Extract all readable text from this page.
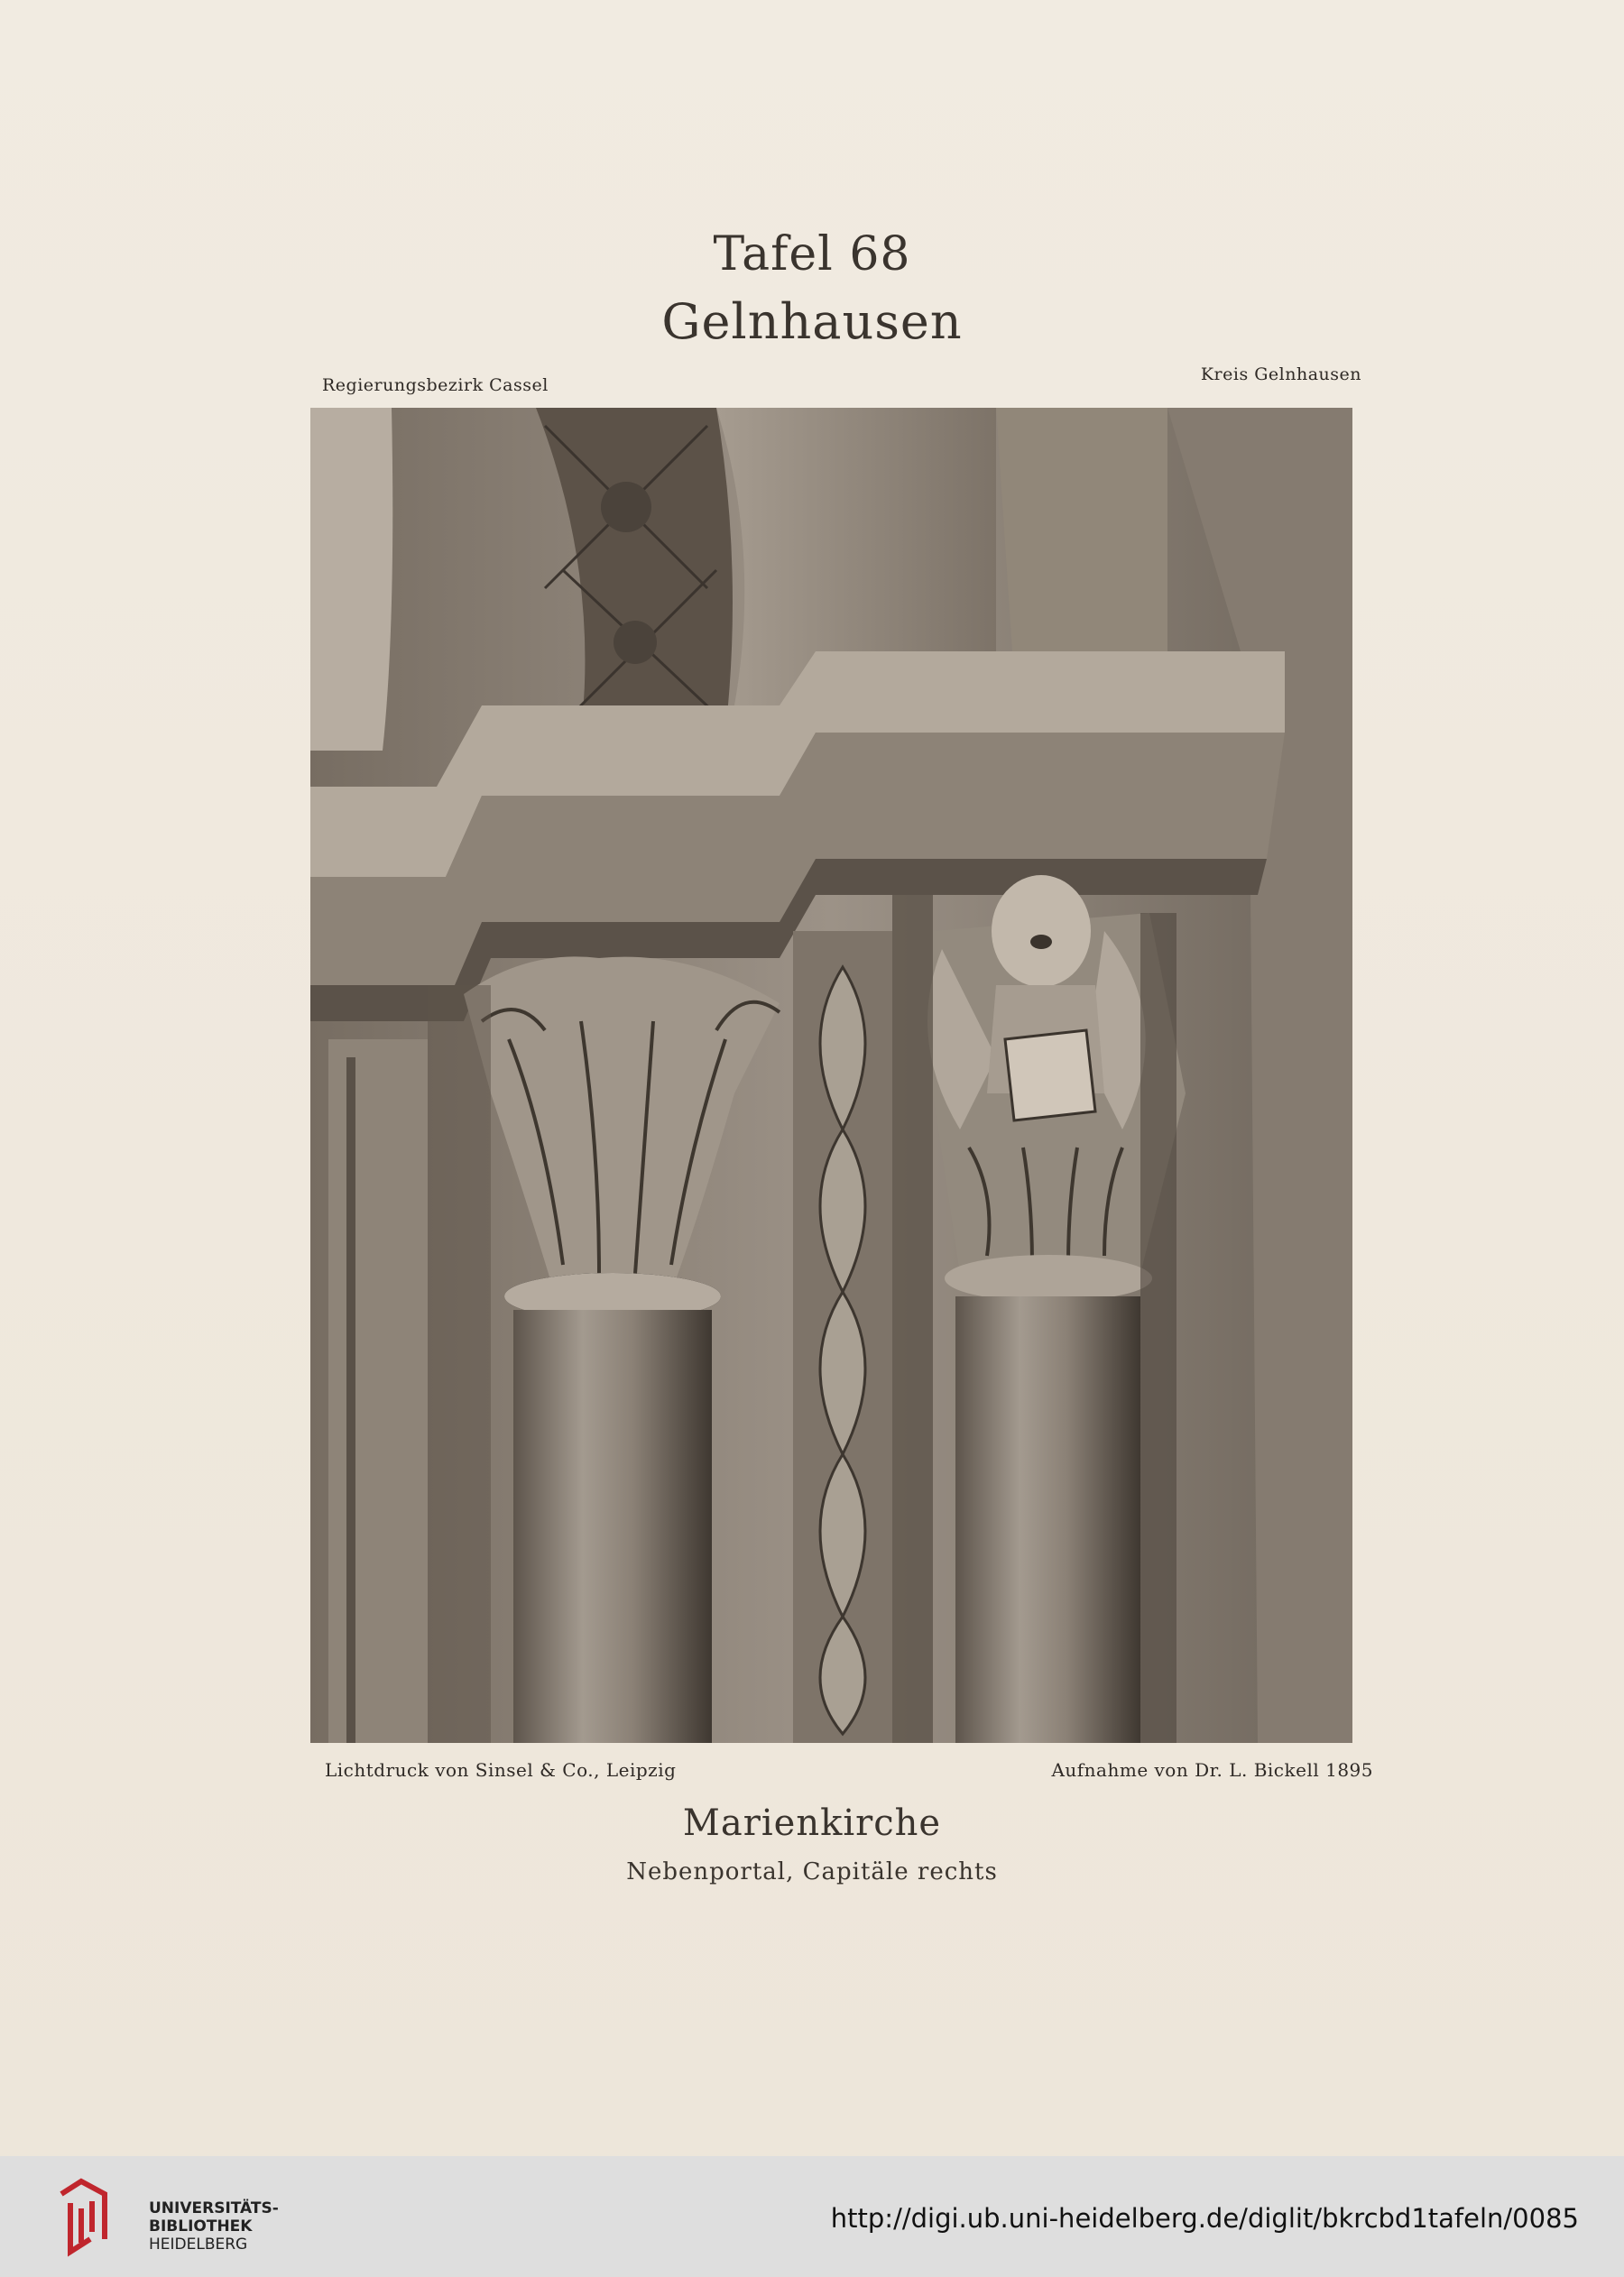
Tafel 68
Gelnhausen
Regierungsbezirk Cassel
Kreis Gelnhausen
Lichtdruck von Sinsel & Co., Leipzig	Aufnahme von Dr. L. Bickell 1895
Marienkirche
Nebenportal, Capitäle rechts
UNIVERSITÄTS-
BIBLIOTHEK
HEIDELBERG
http://digi.ub.uni-heidelberg.de/diglit/bkrcbd1tafeln/0085
